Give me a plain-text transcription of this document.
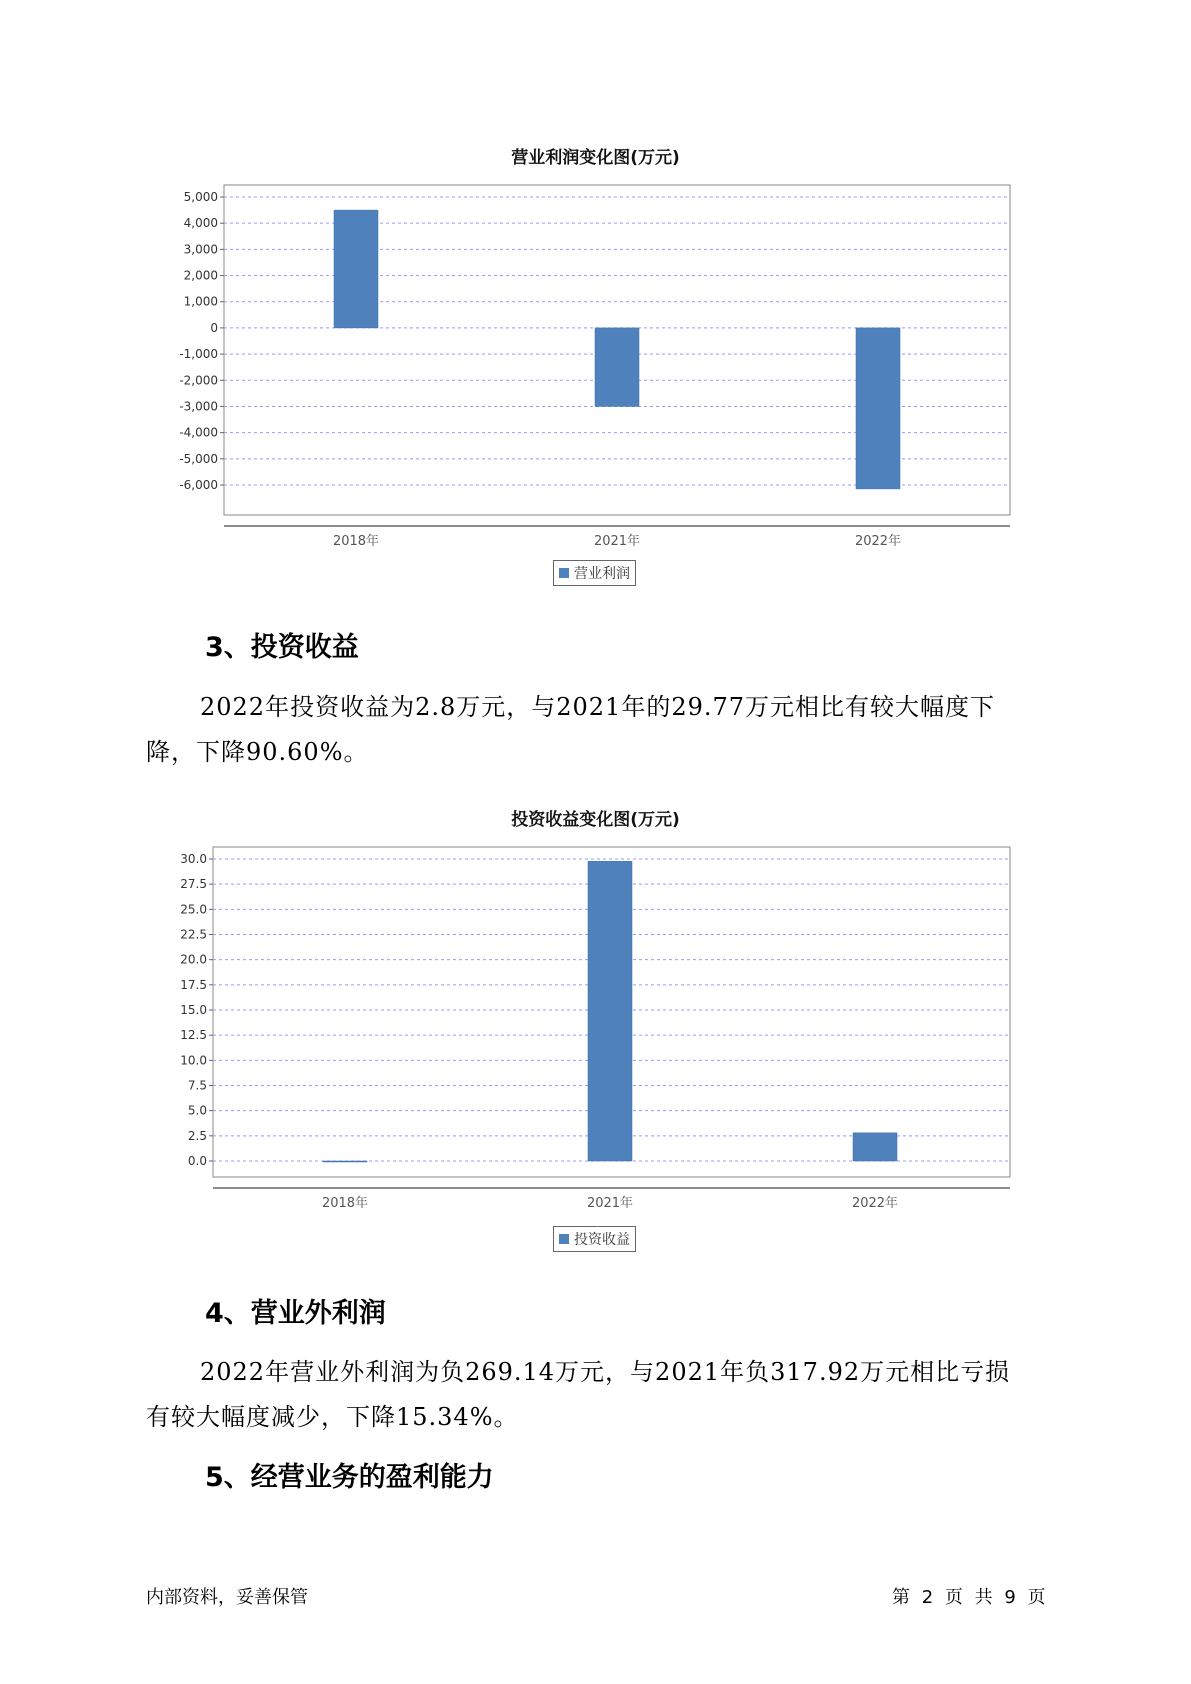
营业利润变化图(万元)
5,000
4,000
3,000
2,000
1,000
0
-1,000
-2,000
-3,000
-4,000
-5,000
-6,000
2018年	2021年	2022年
营业利润
3、投资收益
2022年投资收益为2.8万元，与2021年的29.77万元相比有较大幅度下
降，下降90.60%。
投资收益变化图(万元)
30.0
27.5
25.0
22.5
20.0
17.5
15.0
12.5
10.0
7.5
5.0
2.5
0.0
2018年	2021年	2022年
投资收益
4、营业外利润
2022年营业外利润为负269.14万元，与2021年负317.92万元相比亏损
有较大幅度减少，下降15.34%。
5、经营业务的盈利能力
内部资料，妥善保管	第 2 页 共 9 页
